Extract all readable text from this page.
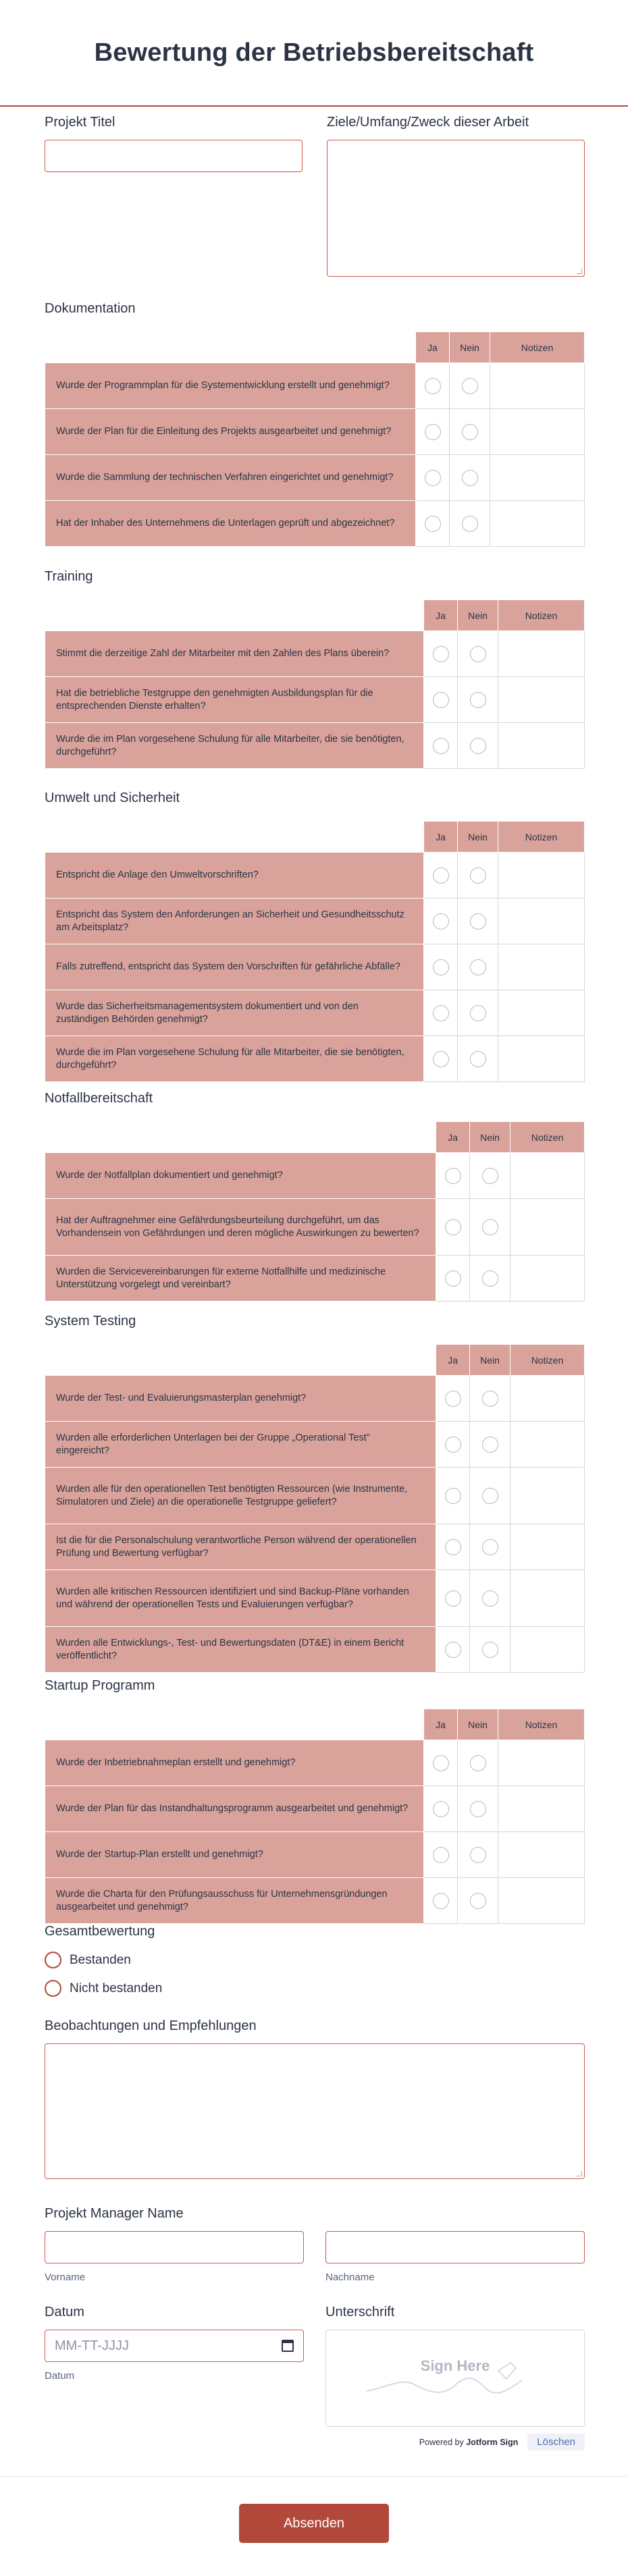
Bewertung der Betriebsbereitschaft
Projekt Titel	Ziele/Umfang/Zweck dieser Arbeit
Dokumentation
	Ja	Nein	Notizen
Wurde der Programmplan für die Systementwicklung erstellt und genehmigt?			
Wurde der Plan für die Einleitung des Projekts ausgearbeitet und genehmigt?			
Wurde die Sammlung der technischen Verfahren eingerichtet und genehmigt?			
Hat der Inhaber des Unternehmens die Unterlagen geprüft und abgezeichnet?			
Training
	Ja	Nein	Notizen
Stimmt die derzeitige Zahl der Mitarbeiter mit den Zahlen des Plans überein?			
Hat die betriebliche Testgruppe den genehmigten Ausbildungsplan für die entsprechenden Dienste erhalten?			
Wurde die im Plan vorgesehene Schulung für alle Mitarbeiter, die sie benötigten, durchgeführt?			
Umwelt und Sicherheit
	Ja	Nein	Notizen
Entspricht die Anlage den Umweltvorschriften?			
Entspricht das System den Anforderungen an Sicherheit und Gesundheitsschutz am Arbeitsplatz?			
Falls zutreffend, entspricht das System den Vorschriften für gefährliche Abfälle?			
Wurde das Sicherheitsmanagementsystem dokumentiert und von den zuständigen Behörden genehmigt?			
Wurde die im Plan vorgesehene Schulung für alle Mitarbeiter, die sie benötigten, durchgeführt?			
Notfallbereitschaft
	Ja	Nein	Notizen
Wurde der Notfallplan dokumentiert und genehmigt?			
Hat der Auftragnehmer eine Gefährdungsbeurteilung durchgeführt, um das Vorhandensein von Gefährdungen und deren mögliche Auswirkungen zu bewerten?			
Wurden die Servicevereinbarungen für externe Notfallhilfe und medizinische Unterstützung vorgelegt und vereinbart?			
System Testing
	Ja	Nein	Notizen
Wurde der Test- und Evaluierungsmasterplan genehmigt?			
Wurden alle erforderlichen Unterlagen bei der Gruppe „Operational Test" eingereicht?			
Wurden alle für den operationellen Test benötigten Ressourcen (wie Instrumente, Simulatoren und Ziele) an die operationelle Testgruppe geliefert?			
Ist die für die Personalschulung verantwortliche Person während der operationellen Prüfung und Bewertung verfügbar?			
Wurden alle kritischen Ressourcen identifiziert und sind Backup-Pläne vorhanden und während der operationellen Tests und Evaluierungen verfügbar?			
Wurden alle Entwicklungs-, Test- und Bewertungsdaten (DT&E) in einem Bericht veröffentlicht?			
Startup Programm
	Ja	Nein	Notizen
Wurde der Inbetriebnahmeplan erstellt und genehmigt?			
Wurde der Plan für das Instandhaltungsprogramm ausgearbeitet und genehmigt?			
Wurde der Startup-Plan erstellt und genehmigt?			
Wurde die Charta für den Prüfungsausschuss für Unternehmensgründungen ausgearbeitet und genehmigt?			
Gesamtbewertung
Bestanden
Nicht bestanden
Beobachtungen und Empfehlungen
Projekt Manager Name
Vorname	Nachname
Datum
MM-TT-JJJJ
Datum
Unterschrift
Sign Here
Powered by Jotform Sign	Löschen
Absenden
